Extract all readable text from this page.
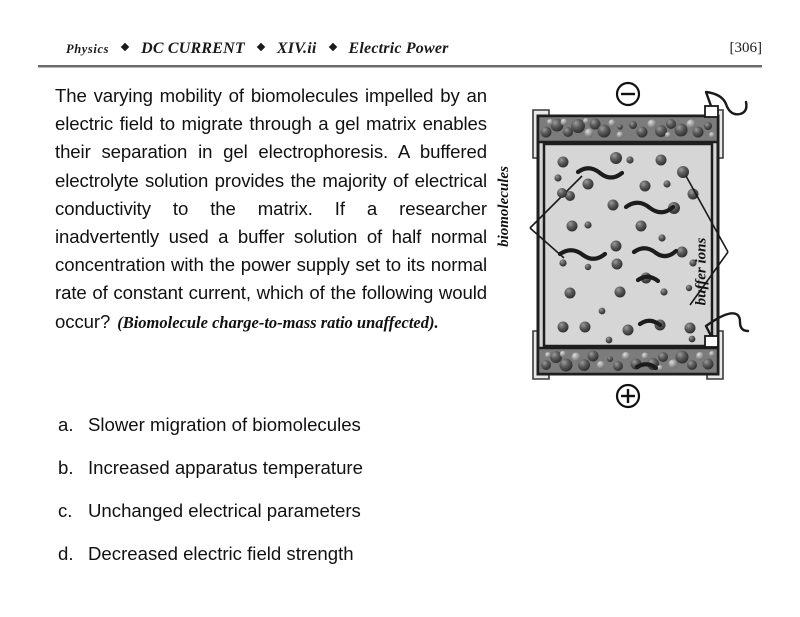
Physics DC CURRENT XIV.ii Electric Power	[306]
The varying mobility of biomolecules impelled by an electric field to migrate through a gel matrix enables their separation in gel electrophoresis. A buffered electrolyte solution provides the majority of electrical conductivity to the matrix. If a researcher inadvertently used a buffer solution of half normal concentration with the power supply set to its normal rate of constant current, which of the following would occur? (Biomolecule charge-to-mass ratio unaffected).
a. Slower migration of biomolecules
b. Increased apparatus temperature
c. Unchanged electrical parameters
d. Decreased electric field strength
biomolecules
buffer ions
